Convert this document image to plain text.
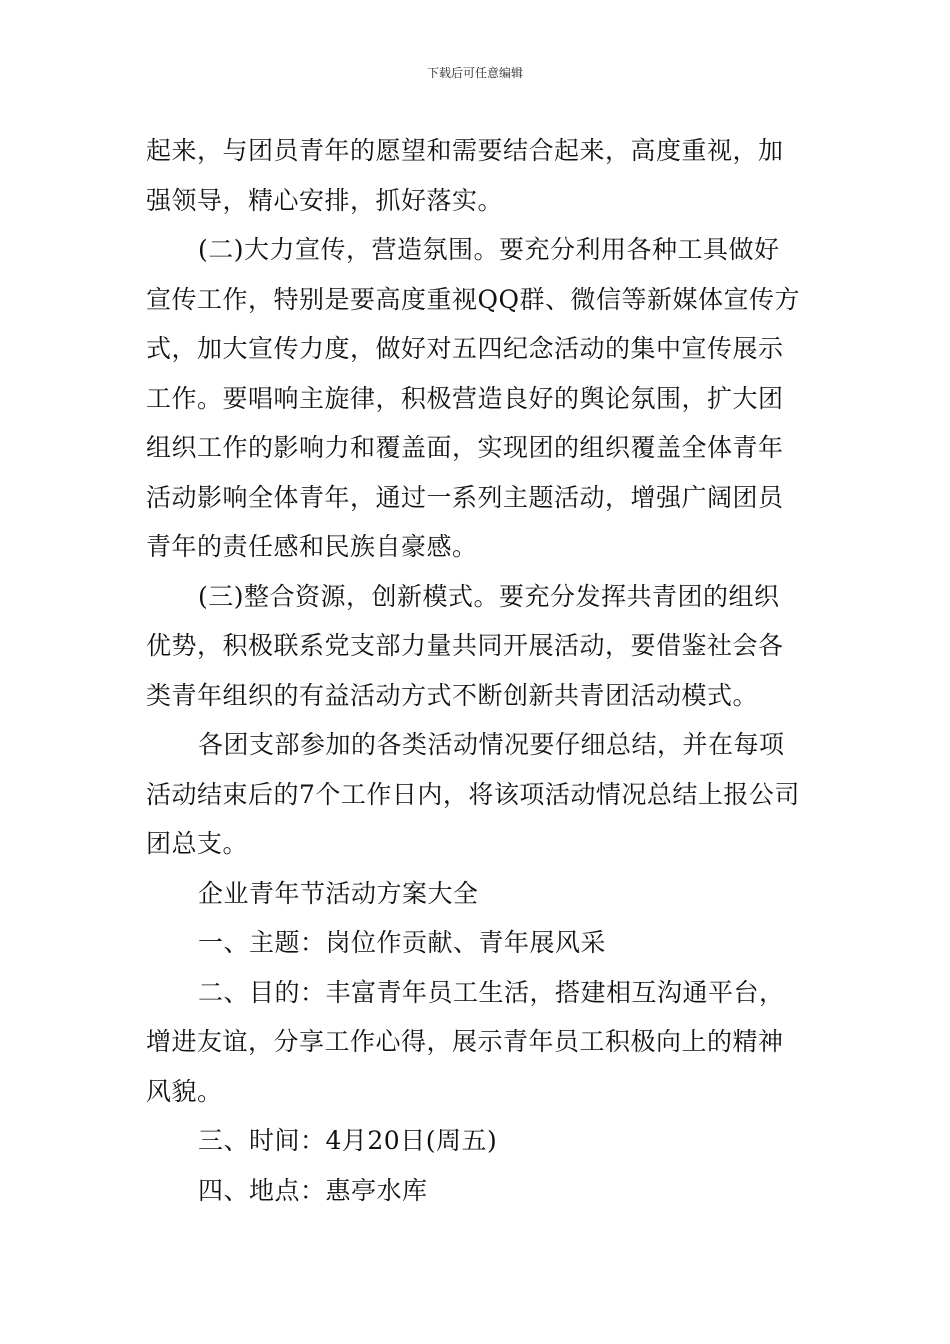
下载后可任意编辑
起来，与团员青年的愿望和需要结合起来，高度重视，加
强领导，精心安排，抓好落实。
(二)大力宣传，营造氛围。要充分利用各种工具做好
宣传工作，特别是要高度重视QQ群、微信等新媒体宣传方
式，加大宣传力度，做好对五四纪念活动的集中宣传展示
工作。要唱响主旋律，积极营造良好的舆论氛围，扩大团
组织工作的影响力和覆盖面，实现团的组织覆盖全体青年
活动影响全体青年，通过一系列主题活动，增强广阔团员
青年的责任感和民族自豪感。
(三)整合资源，创新模式。要充分发挥共青团的组织
优势，积极联系党支部力量共同开展活动，要借鉴社会各
类青年组织的有益活动方式不断创新共青团活动模式。
各团支部参加的各类活动情况要仔细总结，并在每项
活动结束后的7个工作日内，将该项活动情况总结上报公司
团总支。
企业青年节活动方案大全
一、主题：岗位作贡献、青年展风采
二、目的：丰富青年员工生活，搭建相互沟通平台，
增进友谊，分享工作心得，展示青年员工积极向上的精神
风貌。
三、时间：4月20日(周五)
四、地点：惠亭水库
